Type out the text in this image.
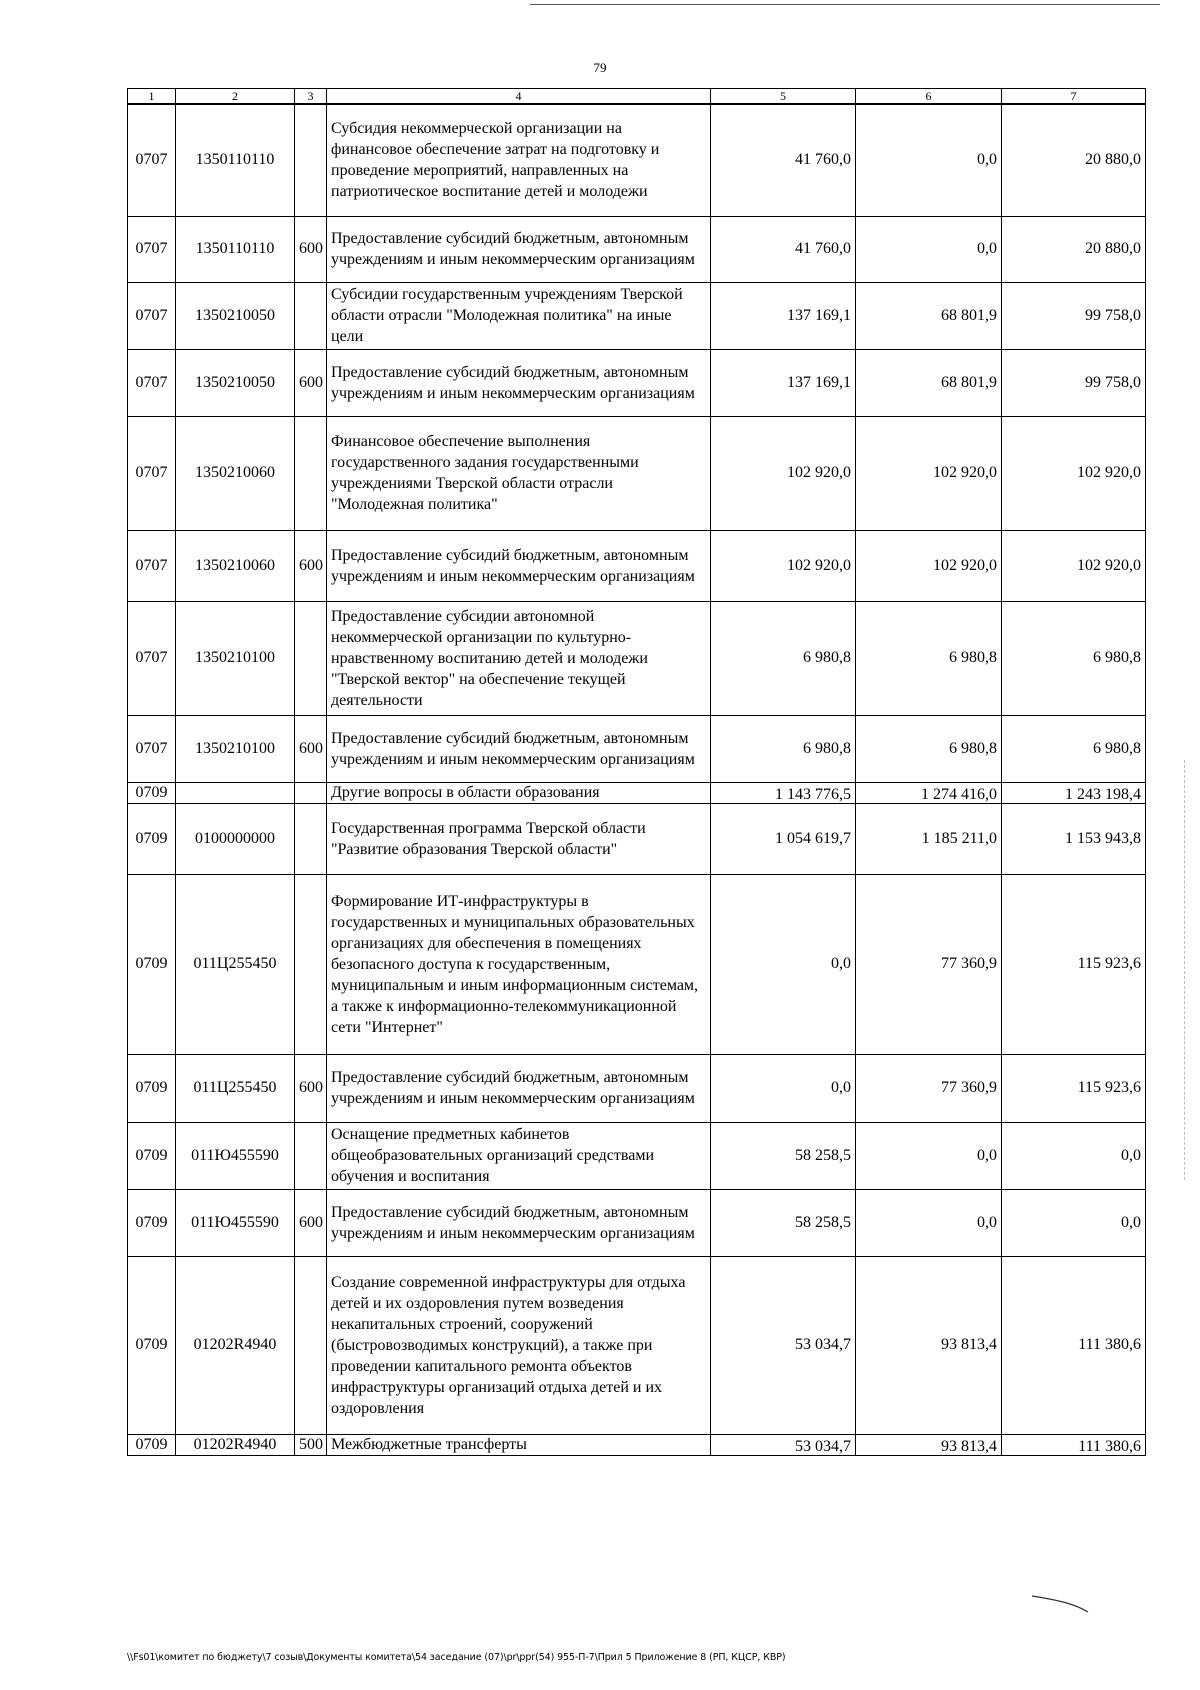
79
1	2	3	4	5	6	7
0707	1350110110		Субсидия некоммерческой организации на финансовое обеспечение затрат на подготовку и проведение мероприятий, направленных на патриотическое воспитание детей и молодежи	41 760,0	0,0	20 880,0
0707	1350110110	600	Предоставление субсидий бюджетным, автономным учреждениям и иным некоммерческим организациям	41 760,0	0,0	20 880,0
0707	1350210050		Субсидии государственным учреждениям Тверской области отрасли "Молодежная политика" на иные цели	137 169,1	68 801,9	99 758,0
0707	1350210050	600	Предоставление субсидий бюджетным, автономным учреждениям и иным некоммерческим организациям	137 169,1	68 801,9	99 758,0
0707	1350210060		Финансовое обеспечение выполнения государственного задания государственными учреждениями Тверской области отрасли "Молодежная политика"	102 920,0	102 920,0	102 920,0
0707	1350210060	600	Предоставление субсидий бюджетным, автономным учреждениям и иным некоммерческим организациям	102 920,0	102 920,0	102 920,0
0707	1350210100		Предоставление субсидии автономной некоммерческой организации по культурно-нравственному воспитанию детей и молодежи "Тверской вектор" на обеспечение текущей деятельности	6 980,8	6 980,8	6 980,8
0707	1350210100	600	Предоставление субсидий бюджетным, автономным учреждениям и иным некоммерческим организациям	6 980,8	6 980,8	6 980,8
0709			Другие вопросы в области образования	1 143 776,5	1 274 416,0	1 243 198,4
0709	0100000000		Государственная программа Тверской области "Развитие образования Тверской области"	1 054 619,7	1 185 211,0	1 153 943,8
0709	011Ц255450		Формирование ИТ-инфраструктуры в государственных и муниципальных образовательных организациях для обеспечения в помещениях безопасного доступа к государственным, муниципальным и иным информационным системам, а также к информационно-телекоммуникационной сети "Интернет"	0,0	77 360,9	115 923,6
0709	011Ц255450	600	Предоставление субсидий бюджетным, автономным учреждениям и иным некоммерческим организациям	0,0	77 360,9	115 923,6
0709	011Ю455590		Оснащение предметных кабинетов общеобразовательных организаций средствами обучения и воспитания	58 258,5	0,0	0,0
0709	011Ю455590	600	Предоставление субсидий бюджетным, автономным учреждениям и иным некоммерческим организациям	58 258,5	0,0	0,0
0709	01202R4940		Создание современной инфраструктуры для отдыха детей и их оздоровления путем возведения некапитальных строений, сооружений (быстровозводимых конструкций), а также при проведении капитального ремонта объектов инфраструктуры организаций отдыха детей и их оздоровления	53 034,7	93 813,4	111 380,6
0709	01202R4940	500	Межбюджетные трансферты	53 034,7	93 813,4	111 380,6
\\Fs01\комитет по бюджету\7 созыв\Документы комитета\54 заседание (07)\pr\ppr(54) 955-П-7\Прил 5 Приложение 8 (РП, КЦСР, КВР)
